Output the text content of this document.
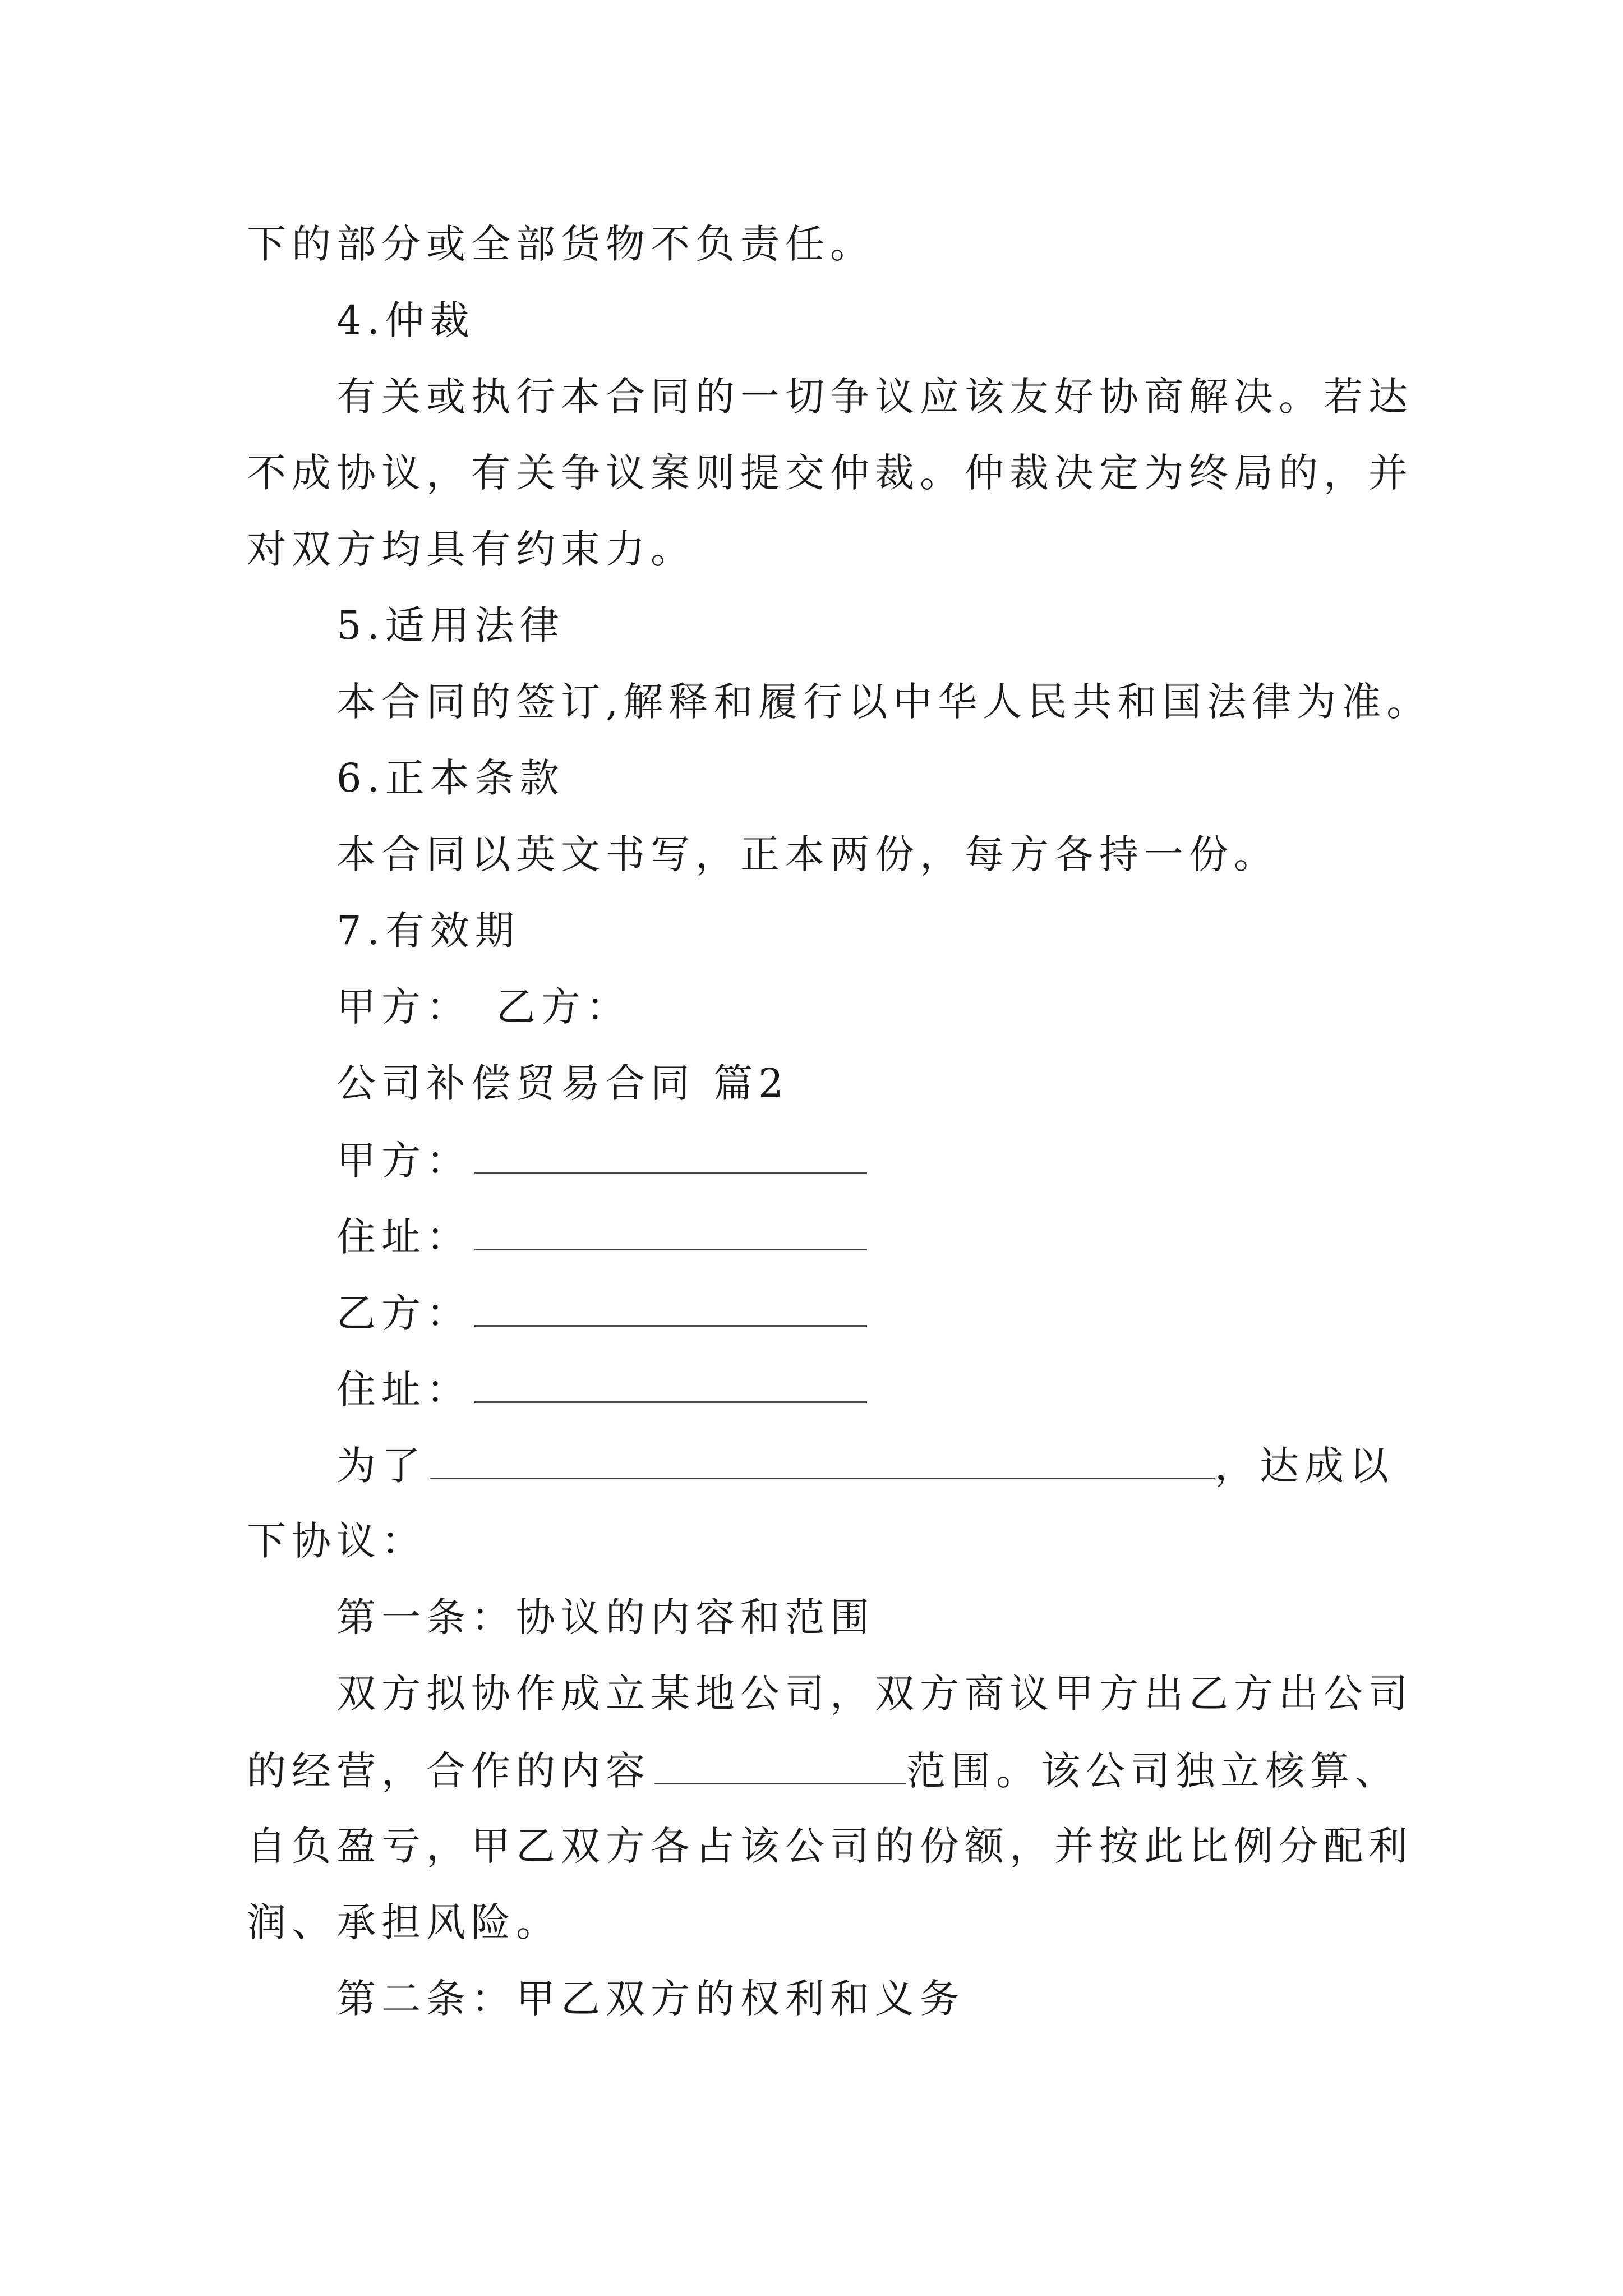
下的部分或全部货物不负责任。
4.仲裁
有关或执行本合同的一切争议应该友好协商解决。若达
不成协议，有关争议案则提交仲裁。仲裁决定为终局的，并
对双方均具有约束力。
5.适用法律
本合同的签订,解释和履行以中华人民共和国法律为准。
6.正本条款
本合同以英文书写，正本两份，每方各持一份。
7.有效期
甲方：　乙方：
公司补偿贸易合同 篇2
甲方：
住址：
乙方：
住址：
为了	，达成以
下协议：
第一条：协议的内容和范围
双方拟协作成立某地公司，双方商议甲方出乙方出公司
的经营，合作的内容	范围。该公司独立核算、
自负盈亏，甲乙双方各占该公司的份额，并按此比例分配利
润、承担风险。
第二条：甲乙双方的权利和义务
